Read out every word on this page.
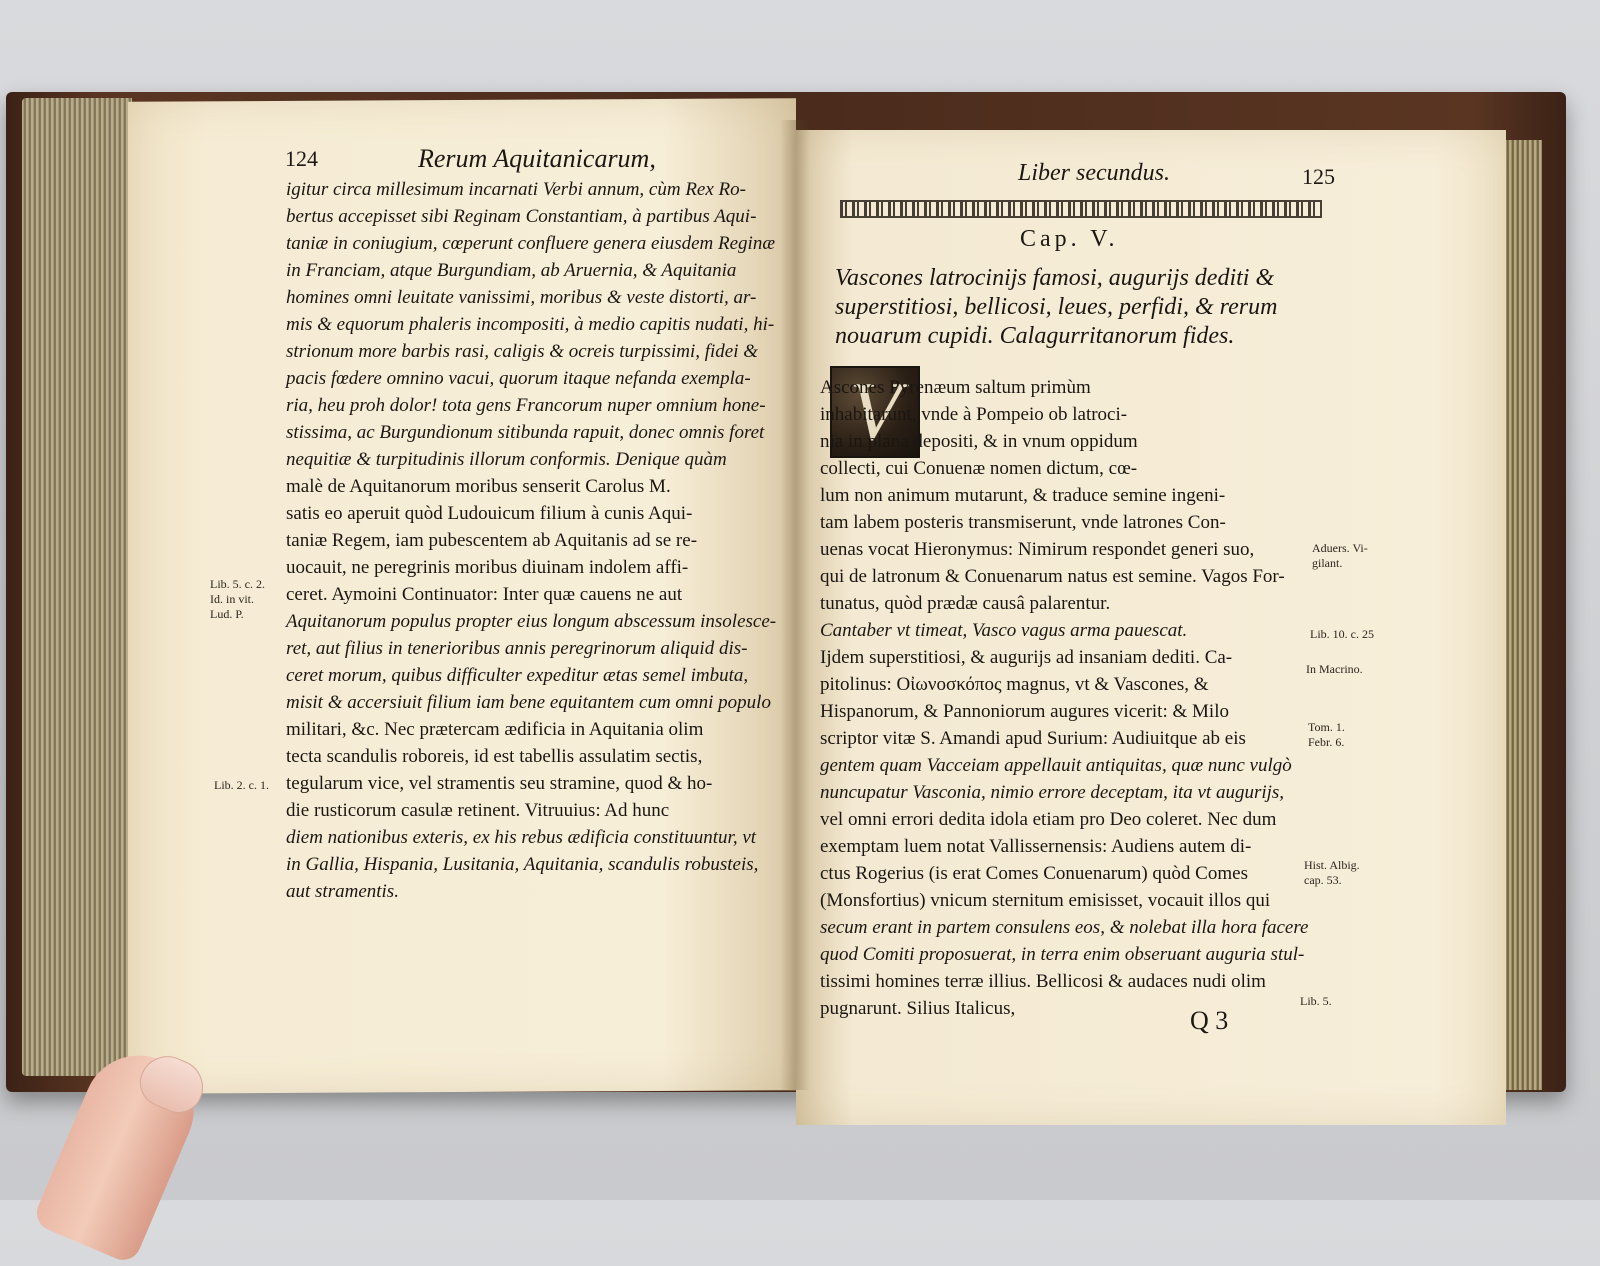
124	Rerum Aquitanicarum,
igitur circa millesimum incarnati Verbi annum, cùm Rex Ro-
bertus accepisset sibi Reginam Constantiam, à partibus Aqui-
taniæ in coniugium, cœperunt confluere genera eiusdem Reginæ
in Franciam, atque Burgundiam, ab Aruernia, & Aquitania
homines omni leuitate vanissimi, moribus & veste distorti, ar-
mis & equorum phaleris incompositi, à medio capitis nudati, hi-
strionum more barbis rasi, caligis & ocreis turpissimi, fidei &
pacis fœdere omnino vacui, quorum itaque nefanda exempla-
ria, heu proh dolor! tota gens Francorum nuper omnium hone-
stissima, ac Burgundionum sitibunda rapuit, donec omnis foret
nequitiæ & turpitudinis illorum conformis. Denique quàm
malè de Aquitanorum moribus senserit Carolus M.
satis eo aperuit quòd Ludouicum filium à cunis Aqui-
taniæ Regem, iam pubescentem ab Aquitanis ad se re-
uocauit, ne peregrinis moribus diuinam indolem affi-
ceret. Aymoini Continuator: Inter quæ cauens ne aut
Aquitanorum populus propter eius longum abscessum insolesce-
ret, aut filius in tenerioribus annis peregrinorum aliquid dis-
ceret morum, quibus difficulter expeditur ætas semel imbuta,
misit & accersiuit filium iam bene equitantem cum omni populo
militari, &c. Nec prætercam ædificia in Aquitania olim
tecta scandulis roboreis, id est tabellis assulatim sectis,
tegularum vice, vel stramentis seu stramine, quod & ho-
die rusticorum casulæ retinent. Vitruuius: Ad hunc
diem nationibus exteris, ex his rebus ædificia constituuntur, vt
in Gallia, Hispania, Lusitania, Aquitania, scandulis robusteis,
aut stramentis.
Lib. 5. c. 2.
Id. in vit.
Lud. P.
Lib. 2. c. 1.
Liber secundus.	125
Cap. V.
Vascones latrocinijs famosi, augurijs dediti &
superstitiosi, bellicosi, leues, perfidi, & rerum
nouarum cupidi. Calagurritanorum fides.
V
Ascones Pyrenæum saltum primùm
inhabitarunt, vnde à Pompeio ob latroci-
nia in plana depositi, & in vnum oppidum
collecti, cui Conuenæ nomen dictum, cœ-
lum non animum mutarunt, & traduce semine ingeni-
tam labem posteris transmiserunt, vnde latrones Con-
uenas vocat Hieronymus: Nimirum respondet generi suo,
qui de latronum & Conuenarum natus est semine. Vagos For-
tunatus, quòd prædæ causâ palarentur.
Cantaber vt timeat, Vasco vagus arma pauescat.
Ijdem superstitiosi, & augurijs ad insaniam dediti. Ca-
pitolinus: Οἰωνοσκόπος magnus, vt & Vascones, &
Hispanorum, & Pannoniorum augures vicerit: & Milo
scriptor vitæ S. Amandi apud Surium: Audiuitque ab eis
gentem quam Vacceiam appellauit antiquitas, quæ nunc vulgò
nuncupatur Vasconia, nimio errore deceptam, ita vt augurijs,
vel omni errori dedita idola etiam pro Deo coleret. Nec dum
exemptam luem notat Vallissernensis: Audiens autem di-
ctus Rogerius (is erat Comes Conuenarum) quòd Comes
(Monsfortius) vnicum sternitum emisisset, vocauit illos qui
secum erant in partem consulens eos, & nolebat illa hora facere
quod Comiti proposuerat, in terra enim obseruant auguria stul-
tissimi homines terræ illius. Bellicosi & audaces nudi olim
pugnarunt. Silius Italicus,
Aduers. Vi-
gilant.
Lib. 10. c. 25
In Macrino.
Tom. 1.
Febr. 6.
Hist. Albig.
cap. 53.
Lib. 5.
Q 3
